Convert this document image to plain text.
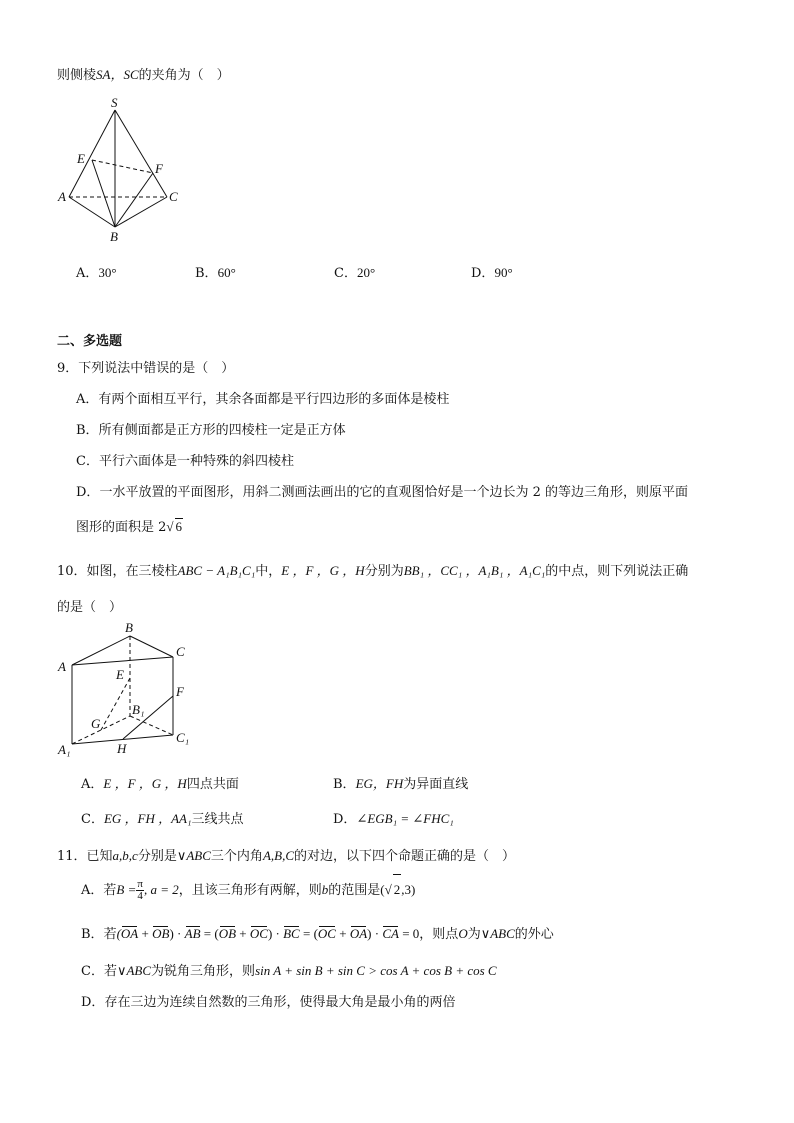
则侧棱SA，SC的夹角为（　）
S
E
F
A	C
B
A．30°	B．60°	C．20°	D．90°
二、多选题
9．下列说法中错误的是（　）
A．有两个面相互平行，其余各面都是平行四边形的多面体是棱柱
B．所有侧面都是正方形的四棱柱一定是正方体
C．平行六面体是一种特殊的斜四棱柱
D．一水平放置的平面图形，用斜二测画法画出的它的直观图恰好是一个边长为 2 的等边三角形，则原平面
图形的面积是 2√ 6
10．如图，在三棱柱ABC − A₁B₁C₁中，E ，F ，G ，H分别为BB₁ ，CC₁ ，A₁B₁ ，A₁C₁的中点，则下列说法正确
的是（　）
A
B
C
E
F
G
B₁
A₁
C₁
H
A．E ，F ，G ，H四点共面	B．EG，FH为异面直线
C．EG ，FH ，AA₁三线共点	D．∠EGB₁ = ∠FHC₁
11．已知a,b,c分别是∨ABC三个内角A,B,C的对边，以下四个命题正确的是（　）
A．若$B = \frac{\pi}{4}$ , a = 2，且该三角形有两解，则b的范围是(√ 2,3)
B．若(OA + OB) · AB = (OB + OC) · BC = (OC + OA) · CA = 0，则点O为∨ABC的外心
C．若∨ABC为锐角三角形，则sin A + sin B + sin C > cos A + cos B + cos C
D．存在三边为连续自然数的三角形，使得最大角是最小角的两倍
